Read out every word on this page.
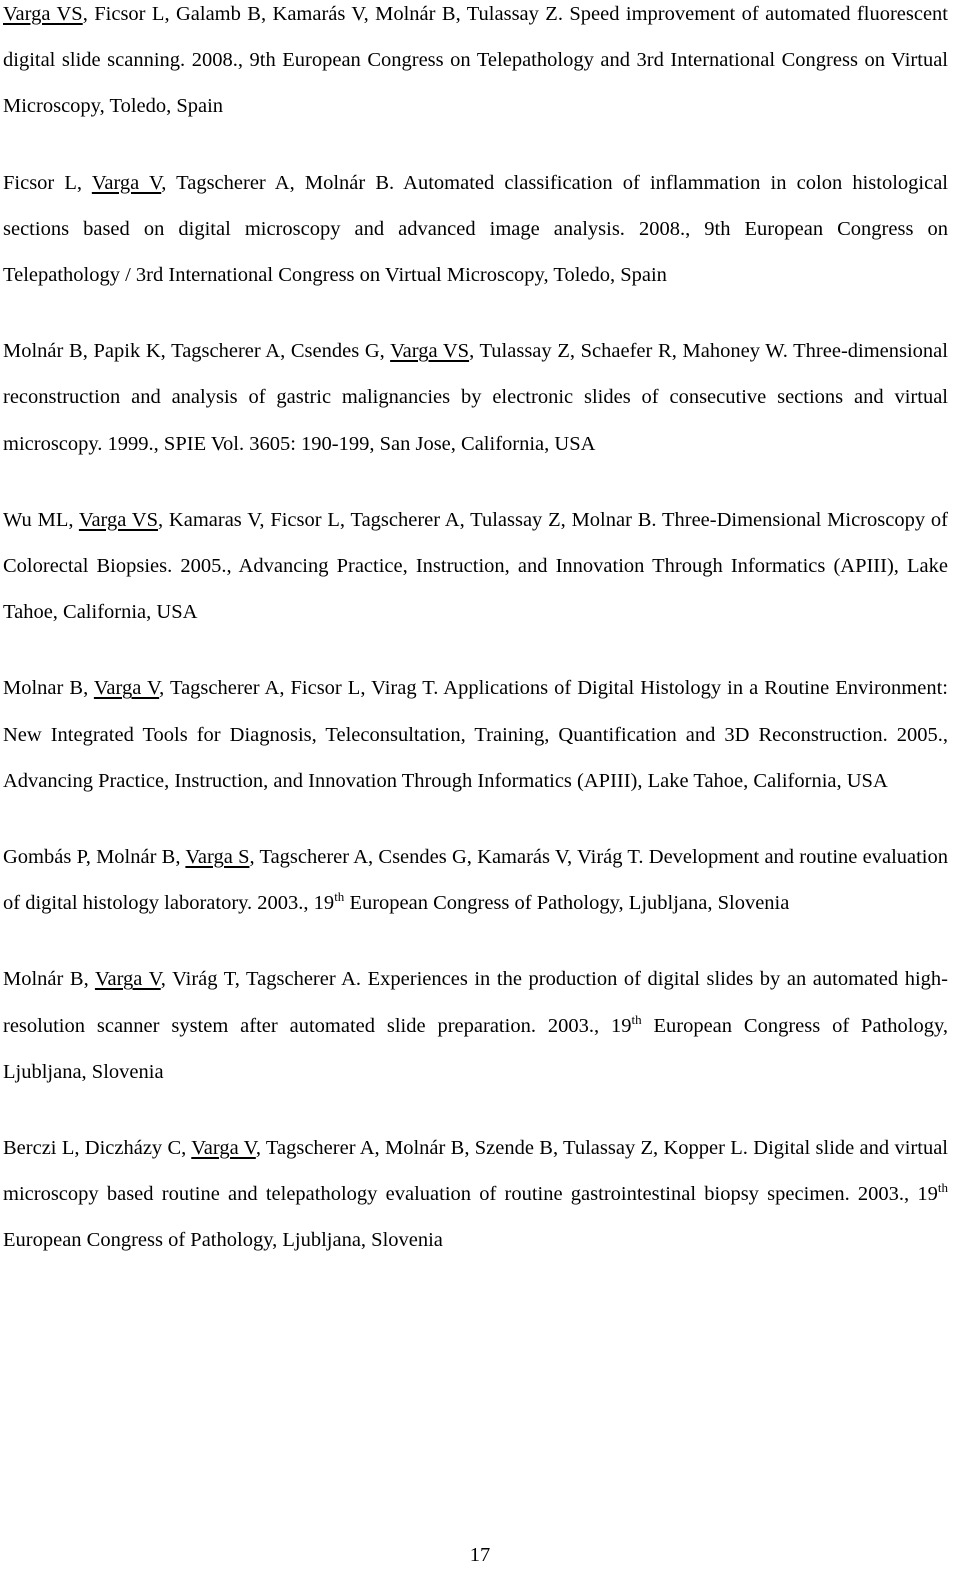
Varga VS, Ficsor L, Galamb B, Kamarás V, Molnár B, Tulassay Z. Speed improvement of automated fluorescent digital slide scanning. 2008., 9th European Congress on Telepathology and 3rd International Congress on Virtual Microscopy, Toledo, Spain
Ficsor L, Varga V, Tagscherer A, Molnár B. Automated classification of inflammation in colon histological sections based on digital microscopy and advanced image analysis. 2008., 9th European Congress on Telepathology / 3rd International Congress on Virtual Microscopy, Toledo, Spain
Molnár B, Papik K, Tagscherer A, Csendes G, Varga VS, Tulassay Z, Schaefer R, Mahoney W. Three-dimensional reconstruction and analysis of gastric malignancies by electronic slides of consecutive sections and virtual microscopy. 1999., SPIE Vol. 3605: 190-199, San Jose, California, USA
Wu ML, Varga VS, Kamaras V, Ficsor L, Tagscherer A, Tulassay Z, Molnar B. Three-Dimensional Microscopy of Colorectal Biopsies. 2005., Advancing Practice, Instruction, and Innovation Through Informatics (APIII), Lake Tahoe, California, USA
Molnar B, Varga V, Tagscherer A, Ficsor L, Virag T. Applications of Digital Histology in a Routine Environment: New Integrated Tools for Diagnosis, Teleconsultation, Training, Quantification and 3D Reconstruction. 2005., Advancing Practice, Instruction, and Innovation Through Informatics (APIII), Lake Tahoe, California, USA
Gombás P, Molnár B, Varga S, Tagscherer A, Csendes G, Kamarás V, Virág T. Development and routine evaluation of digital histology laboratory. 2003., 19th European Congress of Pathology, Ljubljana, Slovenia
Molnár B, Varga V, Virág T, Tagscherer A. Experiences in the production of digital slides by an automated high-resolution scanner system after automated slide preparation. 2003., 19th European Congress of Pathology, Ljubljana, Slovenia
Berczi L, Diczházy C, Varga V, Tagscherer A, Molnár B, Szende B, Tulassay Z, Kopper L. Digital slide and virtual microscopy based routine and telepathology evaluation of routine gastrointestinal biopsy specimen. 2003., 19th European Congress of Pathology, Ljubljana, Slovenia
17
